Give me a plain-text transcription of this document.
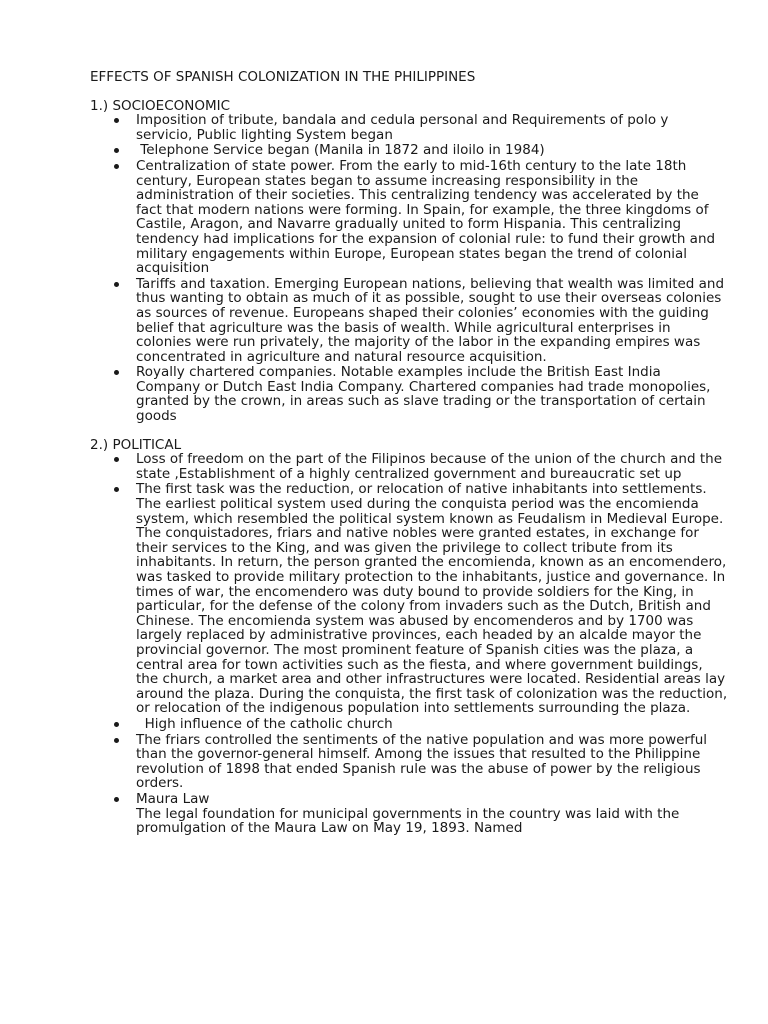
EFFECTS OF SPANISH COLONIZATION IN THE PHILIPPINES

1.) SOCIOECONOMIC

Imposition of tribute, bandala and cedula personal and Requirements of polo y servicio, Public lighting System began
Telephone Service began (Manila in 1872 and iloilo in 1984)
Centralization of state power. From the early to mid-16th century to the late 18th century, European states began to assume increasing responsibility in the administration of their societies. This centralizing tendency was accelerated by the fact that modern nations were forming. In Spain, for example, the three kingdoms of Castile, Aragon, and Navarre gradually united to form Hispania. This centralizing tendency had implications for the expansion of colonial rule: to fund their growth and military engagements within Europe, European states began the trend of colonial acquisition
Tariffs and taxation. Emerging European nations, believing that wealth was limited and thus wanting to obtain as much of it as possible, sought to use their overseas colonies as sources of revenue. Europeans shaped their colonies’ economies with the guiding belief that agriculture was the basis of wealth. While agricultural enterprises in colonies were run privately, the majority of the labor in the expanding empires was concentrated in agriculture and natural resource acquisition.
Royally chartered companies. Notable examples include the British East India Company or Dutch East India Company. Chartered companies had trade monopolies, granted by the crown, in areas such as slave trading or the transportation of certain goods

2.) POLITICAL

Loss of freedom on the part of the Filipinos because of the union of the church and the state ,Establishment of a highly centralized government and bureaucratic set up
The first task was the reduction, or relocation of native inhabitants into settlements. The earliest political system used during the conquista period was the encomienda system, which resembled the political system known as Feudalism in Medieval Europe. The conquistadores, friars and native nobles were granted estates, in exchange for their services to the King, and was given the privilege to collect tribute from its inhabitants. In return, the person granted the encomienda, known as an encomendero, was tasked to provide military protection to the inhabitants, justice and governance. In times of war, the encomendero was duty bound to provide soldiers for the King, in particular, for the defense of the colony from invaders such as the Dutch, British and Chinese. The encomienda system was abused by encomenderos and by 1700 was largely replaced by administrative provinces, each headed by an alcalde mayor the provincial governor. The most prominent feature of Spanish cities was the plaza, a central area for town activities such as the fiesta, and where government buildings, the church, a market area and other infrastructures were located. Residential areas lay around the plaza. During the conquista, the first task of colonization was the reduction, or relocation of the indigenous population into settlements surrounding the plaza.
High influence of the catholic church
The friars controlled the sentiments of the native population and was more powerful than the governor-general himself. Among the issues that resulted to the Philippine revolution of 1898 that ended Spanish rule was the abuse of power by the religious orders.
Maura Law
The legal foundation for municipal governments in the country was laid with the promulgation of the Maura Law on May 19, 1893. Named
